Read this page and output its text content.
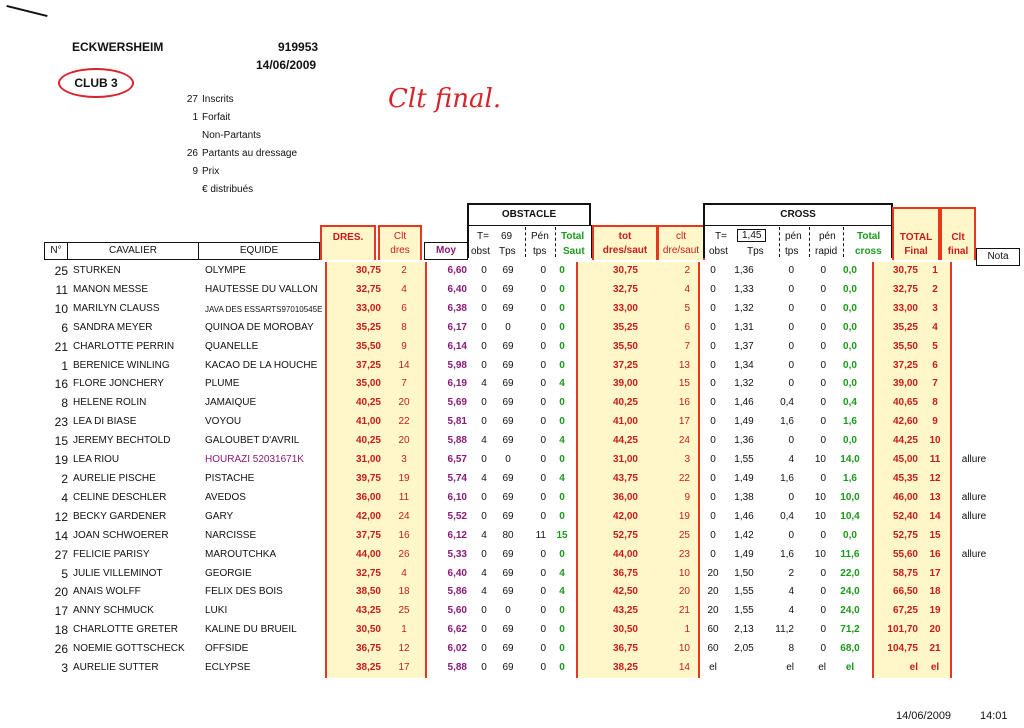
ECKWERSHEIM	919953
14/06/2009
CLUB 3
Clt final.
27 Inscrits
1 Forfait
Non-Partants
26 Partants au dressage
9 Prix
€ distribués
N°	CAVALIER	EQUIDE
DRES.	Clt
dres	Moy
OBSTACLE
T= 69 Pén Total
obst Tps tps Saut
tot
dres/saut
clt
dre/saut
CROSS
T=	1,45	pén pén Total
obst Tps tps rapid cross
TOTAL
Final
Clt
final	Nota
25	STURKEN	OLYMPE	30,75	2	6,60	0	69	0	0	30,75	2	0	1,36	0	0	0,0	30,75	1	
11	MANON MESSE	HAUTESSE DU VALLON	32,75	4	6,40	0	69	0	0	32,75	4	0	1,33	0	0	0,0	32,75	2	
10	MARILYN CLAUSS	JAVA DES ESSARTS97010545E	33,00	6	6,38	0	69	0	0	33,00	5	0	1,32	0	0	0,0	33,00	3	
6	SANDRA MEYER	QUINOA DE MOROBAY	35,25	8	6,17	0	0	0	0	35,25	6	0	1,31	0	0	0,0	35,25	4	
21	CHARLOTTE PERRIN	QUANELLE	35,50	9	6,14	0	69	0	0	35,50	7	0	1,37	0	0	0,0	35,50	5	
1	BERENICE WINLING	KACAO DE LA HOUCHE	37,25	14	5,98	0	69	0	0	37,25	13	0	1,34	0	0	0,0	37,25	6	
16	FLORE JONCHERY	PLUME	35,00	7	6,19	4	69	0	4	39,00	15	0	1,32	0	0	0,0	39,00	7	
8	HELENE ROLIN	JAMAIQUE	40,25	20	5,69	0	69	0	0	40,25	16	0	1,46	0,4	0	0,4	40,65	8	
23	LEA DI BIASE	VOYOU	41,00	22	5,81	0	69	0	0	41,00	17	0	1,49	1,6	0	1,6	42,60	9	
15	JEREMY BECHTOLD	GALOUBET D'AVRIL	40,25	20	5,88	4	69	0	4	44,25	24	0	1,36	0	0	0,0	44,25	10	
19	LEA RIOU	HOURAZI 52031671K	31,00	3	6,57	0	0	0	0	31,00	3	0	1,55	4	10	14,0	45,00	11	allure
2	AURELIE PISCHE	PISTACHE	39,75	19	5,74	4	69	0	4	43,75	22	0	1,49	1,6	0	1,6	45,35	12	
4	CELINE DESCHLER	AVEDOS	36,00	11	6,10	0	69	0	0	36,00	9	0	1,38	0	10	10,0	46,00	13	allure
12	BECKY GARDENER	GARY	42,00	24	5,52	0	69	0	0	42,00	19	0	1,46	0,4	10	10,4	52,40	14	allure
14	JOAN SCHWOERER	NARCISSE	37,75	16	6,12	4	80	11	15	52,75	25	0	1,42	0	0	0,0	52,75	15	
27	FELICIE PARISY	MAROUTCHKA	44,00	26	5,33	0	69	0	0	44,00	23	0	1,49	1,6	10	11,6	55,60	16	allure
5	JULIE VILLEMINOT	GEORGIE	32,75	4	6,40	4	69	0	4	36,75	10	20	1,50	2	0	22,0	58,75	17	
20	ANAIS WOLFF	FELIX DES BOIS	38,50	18	5,86	4	69	0	4	42,50	20	20	1,55	4	0	24,0	66,50	18	
17	ANNY SCHMUCK	LUKI	43,25	25	5,60	0	0	0	0	43,25	21	20	1,55	4	0	24,0	67,25	19	
18	CHARLOTTE GRETER	KALINE DU BRUEIL	30,50	1	6,62	0	69	0	0	30,50	1	60	2,13	11,2	0	71,2	101,70	20	
26	NOEMIE GOTTSCHECK	OFFSIDE	36,75	12	6,02	0	69	0	0	36,75	10	60	2,05	8	0	68,0	104,75	21	
3	AURELIE SUTTER	ECLYPSE	38,25	17	5,88	0	69	0	0	38,25	14	el		el	el	el	el	el	
14/06/2009	14:01
